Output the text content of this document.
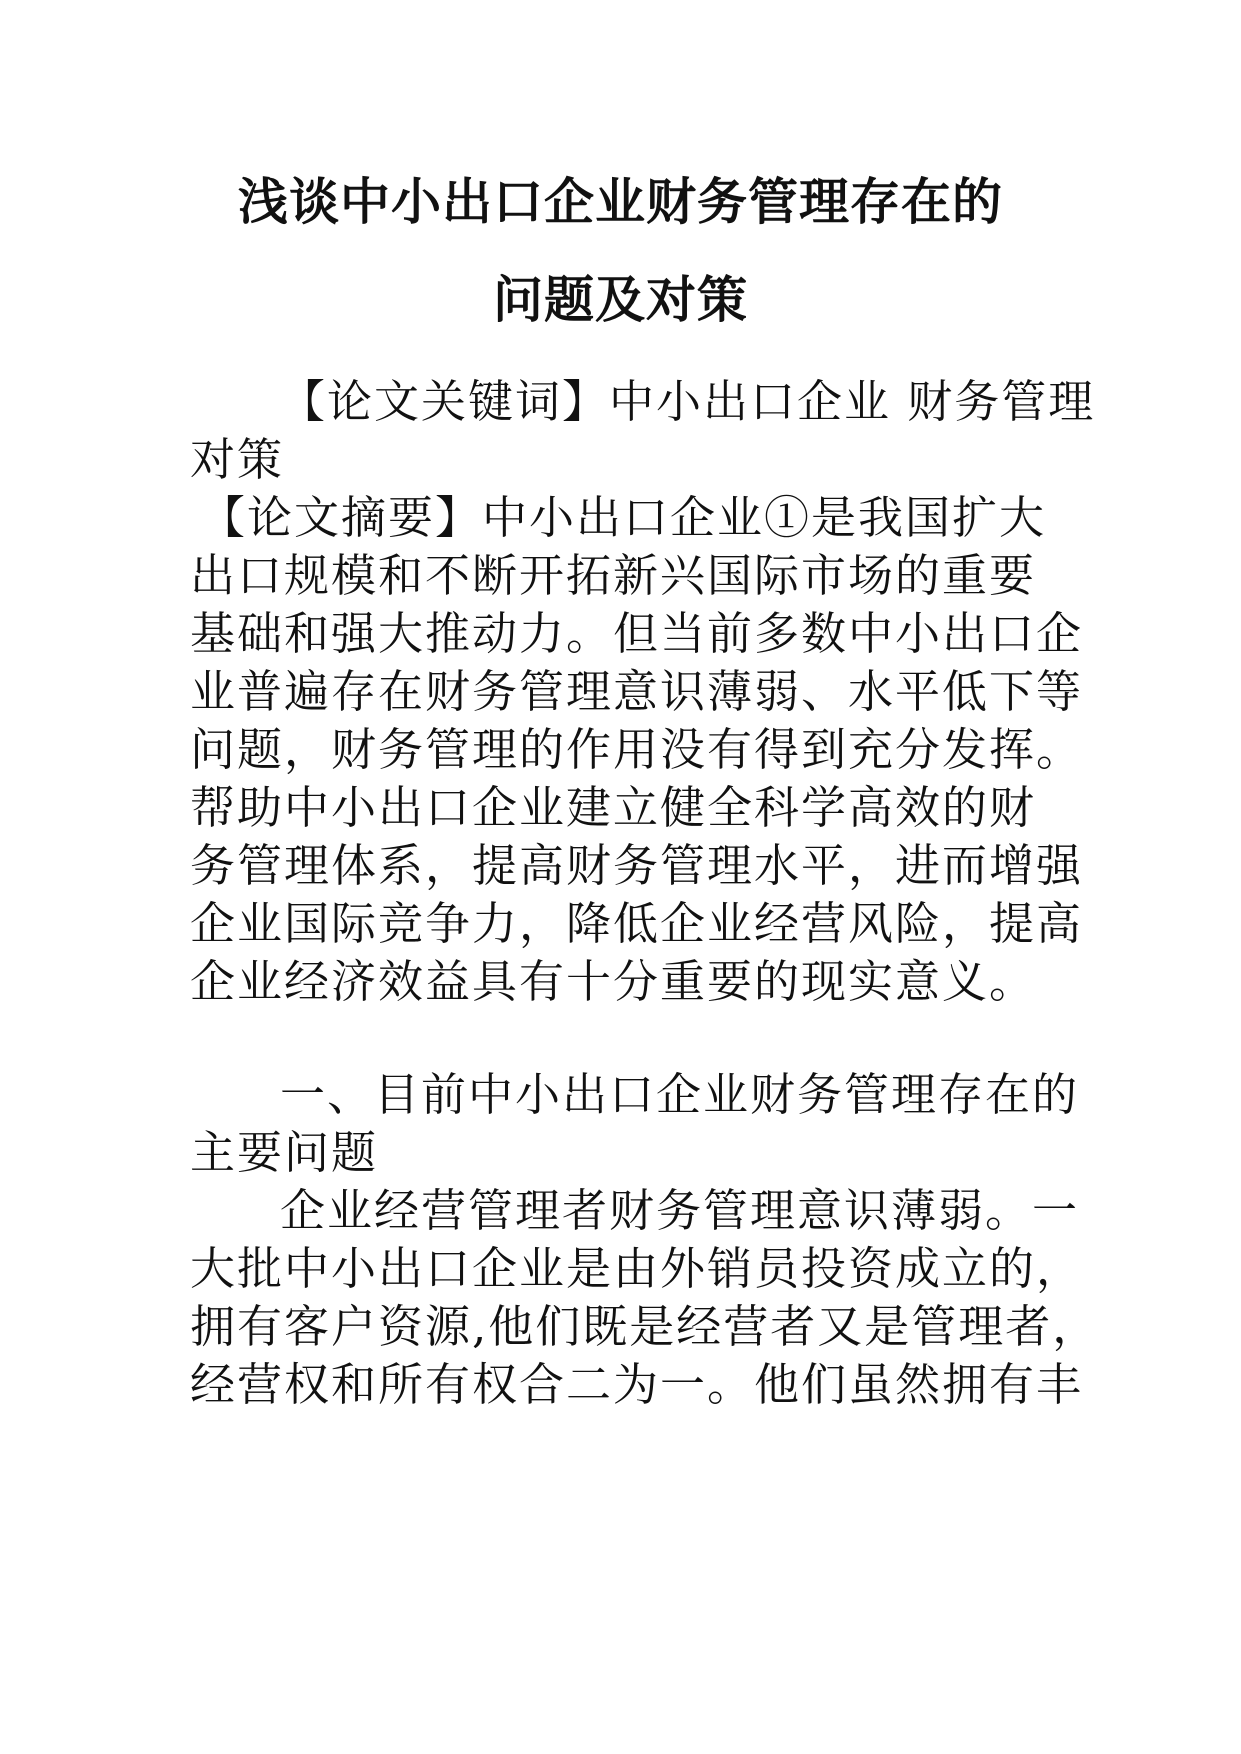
浅谈中小出口企业财务管理存在的
问题及对策
【论文关键词】中小出口企业 财务管理
对策
【论文摘要】中小出口企业①是我国扩大
出口规模和不断开拓新兴国际市场的重要
基础和强大推动力。但当前多数中小出口企
业普遍存在财务管理意识薄弱、水平低下等
问题，财务管理的作用没有得到充分发挥。
帮助中小出口企业建立健全科学高效的财
务管理体系，提高财务管理水平，进而增强
企业国际竞争力，降低企业经营风险，提高
企业经济效益具有十分重要的现实意义。
一、目前中小出口企业财务管理存在的
主要问题
企业经营管理者财务管理意识薄弱。一
大批中小出口企业是由外销员投资成立的，
拥有客户资源,他们既是经营者又是管理者，
经营权和所有权合二为一。他们虽然拥有丰
